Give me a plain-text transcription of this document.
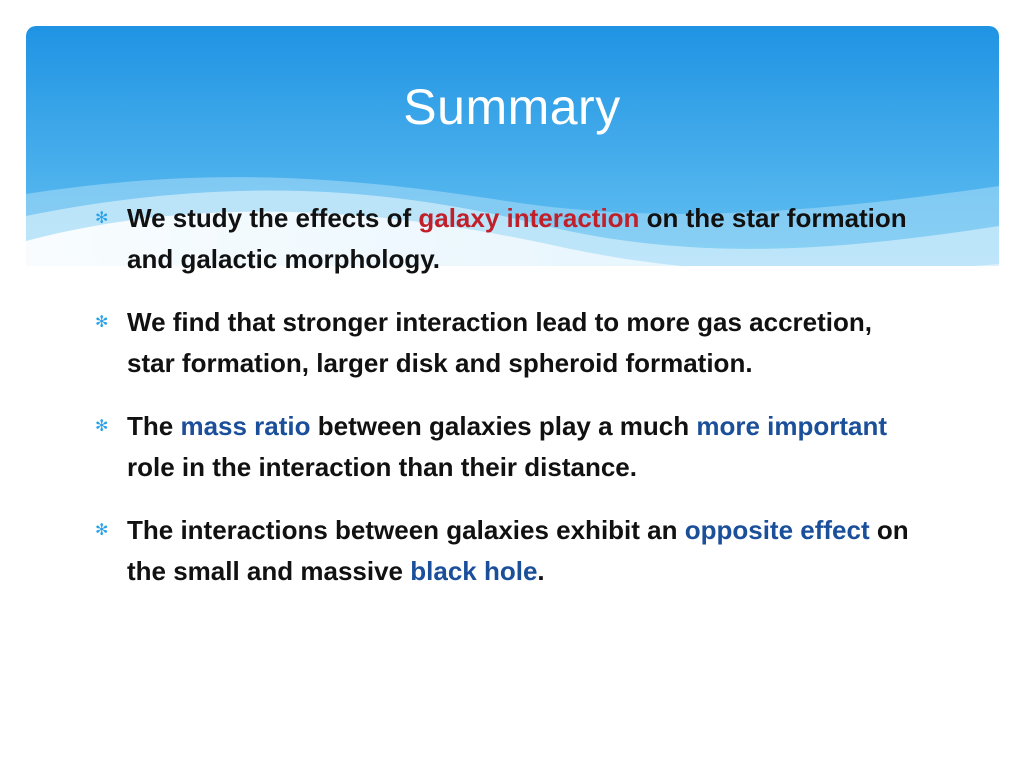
Summary
✻ We study the effects of galaxy interaction on the star formation and galactic morphology.
✻ We find that stronger interaction lead to more gas accretion, star formation, larger disk and spheroid formation.
✻ The mass ratio between galaxies play a much more important role in the interaction than their distance.
✻ The interactions between galaxies exhibit an opposite effect on the small and massive black hole.
